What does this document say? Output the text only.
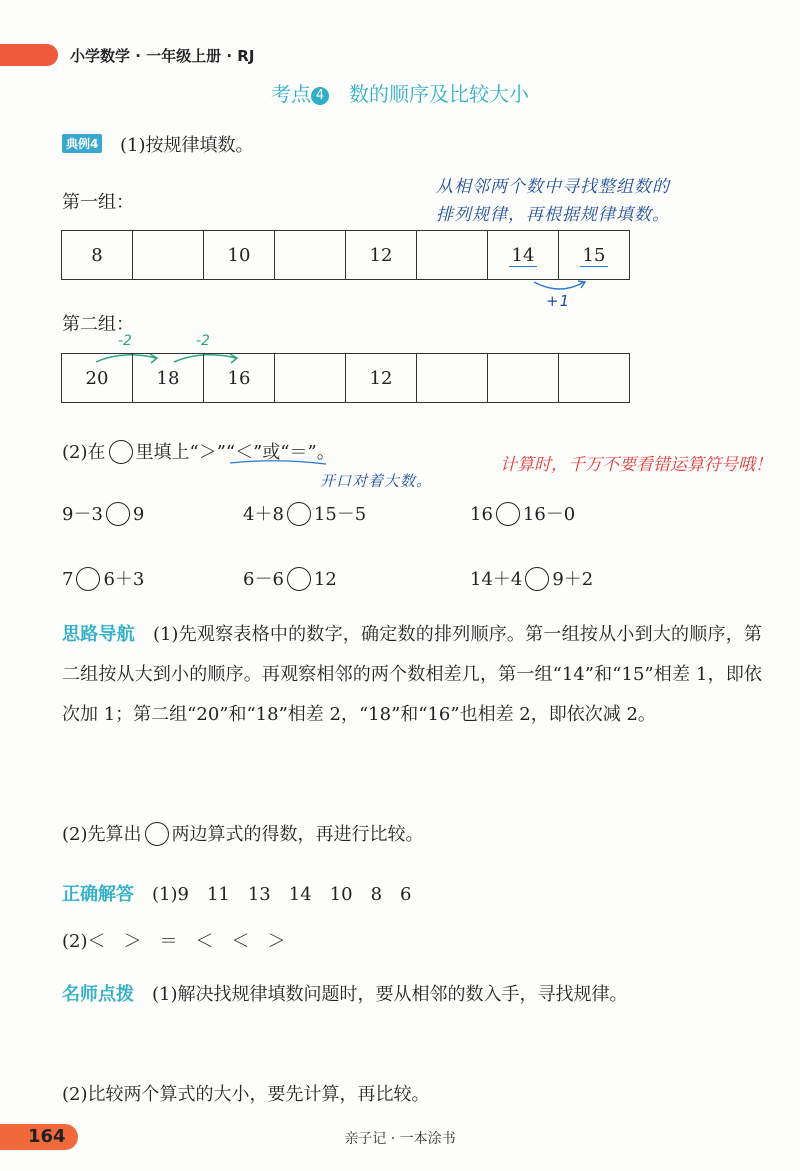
小学数学 · 一年级上册 · RJ
考点 4 数的顺序及比较大小
典例4 (1)按规律填数。
从相邻两个数中寻找整组数的
排列规律，再根据规律填数。
第一组：
8		10		12		14	15
+1
第二组：
-2	-2
20	18	16		12			
(2)在 里填上“＞”“＜”或“＝”。
开口对着大数。
计算时，千万不要看错运算符号哦！
9－3 9	4＋8 15－5	16 16－0
7 6＋3	6－6 12	14＋4 9＋2
思路导航 (1)先观察表格中的数字，确定数的排列顺序。第一组按从小到大的顺序，第二组按从大到小的顺序。再观察相邻的两个数相差几，第一组“14”和“15”相差 1，即依次加 1；第二组“20”和“18”相差 2，“18”和“16”也相差 2，即依次减 2。
(2)先算出 两边算式的得数，再进行比较。
正确解答 (1)9　11　13　14　10　8　6
(2)＜　＞　＝　＜　＜　＞
名师点拨 (1)解决找规律填数问题时，要从相邻的数入手，寻找规律。
(2)比较两个算式的大小，要先计算，再比较。
164	亲子记 · 一本涂书
